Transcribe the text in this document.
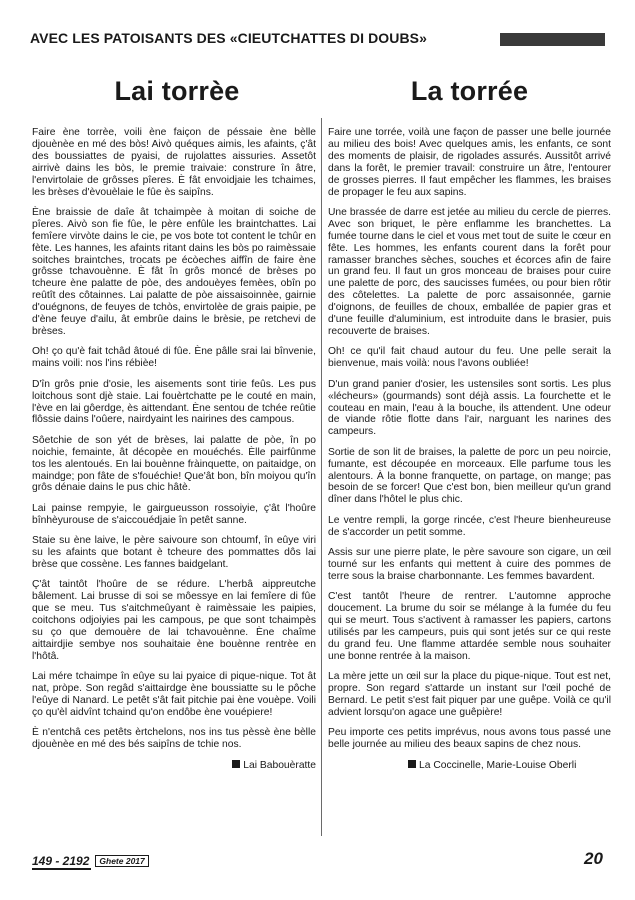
AVEC LES PATOISANTS DES «CIEUTCHATTES DI DOUBS»
Lai torrèe

Faire ène torrèe, voili ène faiçon de péssaie ène bèlle djouènèe en mé des bòs! Aivò quéques aimis, les afaints, ç'ât des boussiattes de pyaisi, de rujolattes aissuries. Assetôt airrivè dains les bòs, le premie traivaie: construre în âtre, l'envirtolaie de grôsses pîeres. È fât envoidjaie les tchaimes, les brèses d'èvouèlaie le fûe ès saipîns.

Ène braissie de daîe ât tchaimpèe à moitan di soiche de pîeres. Aivò son fie fûe, le père enfûle les braintchattes. Lai femîere virvòte dains le cie, pe vos bote tot content le tchûr en fète. Les hannes, les afaints ritant dains les bòs po raimèssaie soitches braintches, trocats pe écòeches aiffîn de faire ène grôsse tchavouènne. È fât în grôs moncé de brèses po tcheure ène palatte de pòe, des andouèyes femèes, obîn po reûtît des côtainnes. Lai palatte de pòe aissaisoinnèe, gairnie d'ouégnons, de feuyes de tchòs, envirtolèe de grais paipie, pe d'ène feuye d'ailu, ât embrûe dains le brèsie, pe retchevi de brèses.

Oh! ço qu'è fait tchâd âtoué di fûe. Ène pâlle srai lai bînvenie, mains voili: nos l'ins rébièe!

D'în grôs pnie d'osie, les aisements sont tirie feûs. Les pus loitchous sont djè staie. Lai fouèrtchatte pe le couté en main, l'ève en lai gôerdge, ès aittendant. Ène sentou de tchée reûtie flôssie dains l'oûere, nairdyaint les nairines des campous.

Sôetchie de son yét de brèses, lai palatte de pòe, în po noichie, femainte, ât décopèe en mouéchés. Èlle pairfûnme tos les alentoués. En lai bouènne fràinquette, on paitaidge, on maindge; pon fâte de s'fouéchie! Que'ât bon, bîn moiyou qu'în grôs dénaie dains le pus chic hâtè.

Lai painse rempyie, le gairgueusson rossoiyie, ç'ât l'hoûre bînhèyurouse de s'aiccouédjaie în petêt sanne.

Staie su ène laive, le père saivoure son chtoumf, în eûye viri su les afaints que botant è tcheure des pommattes dôs lai brèse que cossène. Les fannes baidgelant.

Ç'ât taintôt l'hoûre de se rédure. L'herbâ aippreutche bâlement. Lai brusse di soi se môessye en lai femîere di fûe que se meu. Tus s'aitchmeûyant è raimèssaie les paipies, coitchons odjoiyies pai les campous, pe que sont tchaimpès su ço que demouère de lai tchavouènne. Ène chaîme aittairdjie sembye nos souhaitaie ène bouènne rentrèe en l'hôtâ.

Lai mére tchaimpe în eûye su lai pyaice di pique-nique. Tot ât nat, pròpe. Son regâd s'aittairdge ène boussiatte su le pôche l'eûye di Nanard. Le petêt s'ât fait pitchie pai ène vouèpe. Voili ço qu'èl aidvînt tchaind qu'on endôbe ène vouépiere!

È n'entchâ ces petêts èrtchelons, nos ins tus pèssè ène bèlle djouènèe en mé des bés saipîns de tchie nos.

Lai Babouèratte
La torrée

Faire une torrée, voilà une façon de passer une belle journée au milieu des bois! Avec quelques amis, les enfants, ce sont des moments de plaisir, de rigolades assurés. Aussitôt arrivé dans la forêt, le premier travail: construire un âtre, l'entourer de grosses pierres. Il faut empêcher les flammes, les braises de propager le feu aux sapins.

Une brassée de darre est jetée au milieu du cercle de pierres. Avec son briquet, le père enflamme les branchettes. La fumée tourne dans le ciel et vous met tout de suite le cœur en fête. Les hommes, les enfants courent dans la forêt pour ramasser branches sèches, souches et écorces afin de faire un grand feu. Il faut un gros monceau de braises pour cuire une palette de porc, des saucisses fumées, ou pour bien rôtir des côtelettes. La palette de porc assaisonnée, garnie d'oignons, de feuilles de choux, emballée de papier gras et d'une feuille d'aluminium, est introduite dans le brasier, puis recouverte de braises.

Oh! ce qu'il fait chaud autour du feu. Une pelle serait la bienvenue, mais voilà: nous l'avons oubliée!

D'un grand panier d'osier, les ustensiles sont sortis. Les plus «lécheurs» (gourmands) sont déjà assis. La fourchette et le couteau en main, l'eau à la bouche, ils attendent. Une odeur de viande rôtie flotte dans l'air, narguant les narines des campeurs.

Sortie de son lit de braises, la palette de porc un peu noircie, fumante, est découpée en morceaux. Elle parfume tous les alentours. À la bonne franquette, on partage, on mange; pas besoin de se forcer! Que c'est bon, bien meilleur qu'un grand dîner dans l'hôtel le plus chic.

Le ventre rempli, la gorge rincée, c'est l'heure bienheureuse de s'accorder un petit somme.

Assis sur une pierre plate, le père savoure son cigare, un œil tourné sur les enfants qui mettent à cuire des pommes de terre sous la braise charbonnante. Les femmes bavardent.

C'est tantôt l'heure de rentrer. L'automne approche doucement. La brume du soir se mélange à la fumée du feu qui se meurt. Tous s'activent à ramasser les papiers, cartons utilisés par les campeurs, puis qui sont jetés sur ce qui reste du grand feu. Une flamme attardée semble nous souhaiter une bonne rentrée à la maison.

La mère jette un œil sur la place du pique-nique. Tout est net, propre. Son regard s'attarde un instant sur l'œil poché de Bernard. Le petit s'est fait piquer par une guêpe. Voilà ce qu'il advient lorsqu'on agace une guêpière!

Peu importe ces petits imprévus, nous avons tous passé une belle journée au milieu des beaux sapins de chez nous.

La Coccinelle, Marie-Louise Oberli
149 - 2192 Ghete 2017	20
